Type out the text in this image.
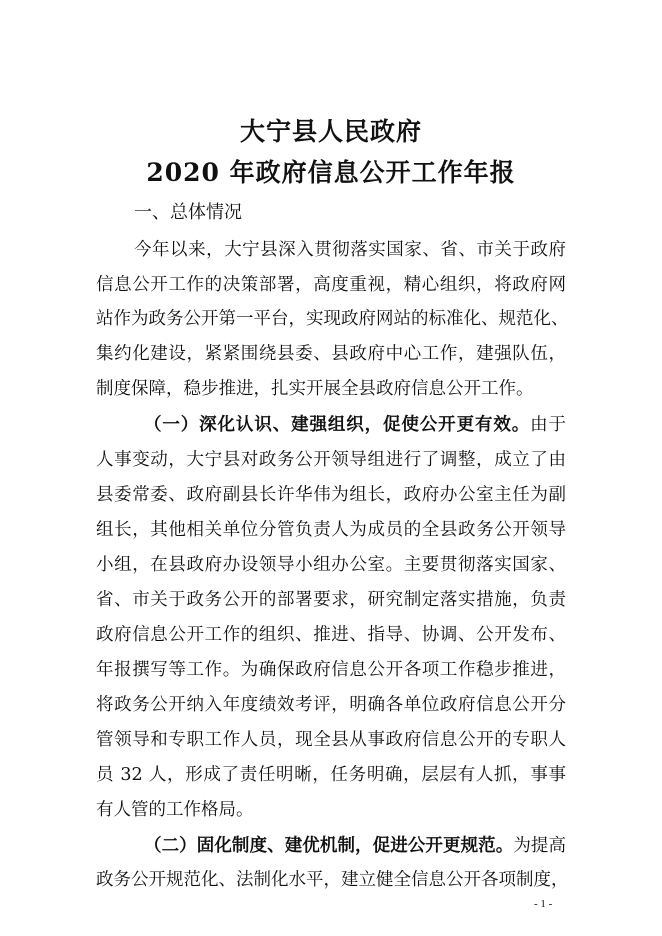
大宁县人民政府
2020 年政府信息公开工作年报
一、总体情况
今年以来，大宁县深入贯彻落实国家、省、市关于政府
信息公开工作的决策部署，高度重视，精心组织，将政府网
站作为政务公开第一平台，实现政府网站的标准化、规范化、
集约化建设，紧紧围绕县委、县政府中心工作，建强队伍，
制度保障，稳步推进，扎实开展全县政府信息公开工作。
（一）深化认识、建强组织，促使公开更有效。由于
人事变动，大宁县对政务公开领导组进行了调整，成立了由
县委常委、政府副县长许华伟为组长，政府办公室主任为副
组长，其他相关单位分管负责人为成员的全县政务公开领导
小组，在县政府办设领导小组办公室。主要贯彻落实国家、
省、市关于政务公开的部署要求，研究制定落实措施，负责
政府信息公开工作的组织、推进、指导、协调、公开发布、
年报撰写等工作。为确保政府信息公开各项工作稳步推进，
将政务公开纳入年度绩效考评，明确各单位政府信息公开分
管领导和专职工作人员，现全县从事政府信息公开的专职人
员 32 人，形成了责任明晰，任务明确，层层有人抓，事事
有人管的工作格局。
（二）固化制度、建优机制，促进公开更规范。为提高
政务公开规范化、法制化水平，建立健全信息公开各项制度，
- 1 -
